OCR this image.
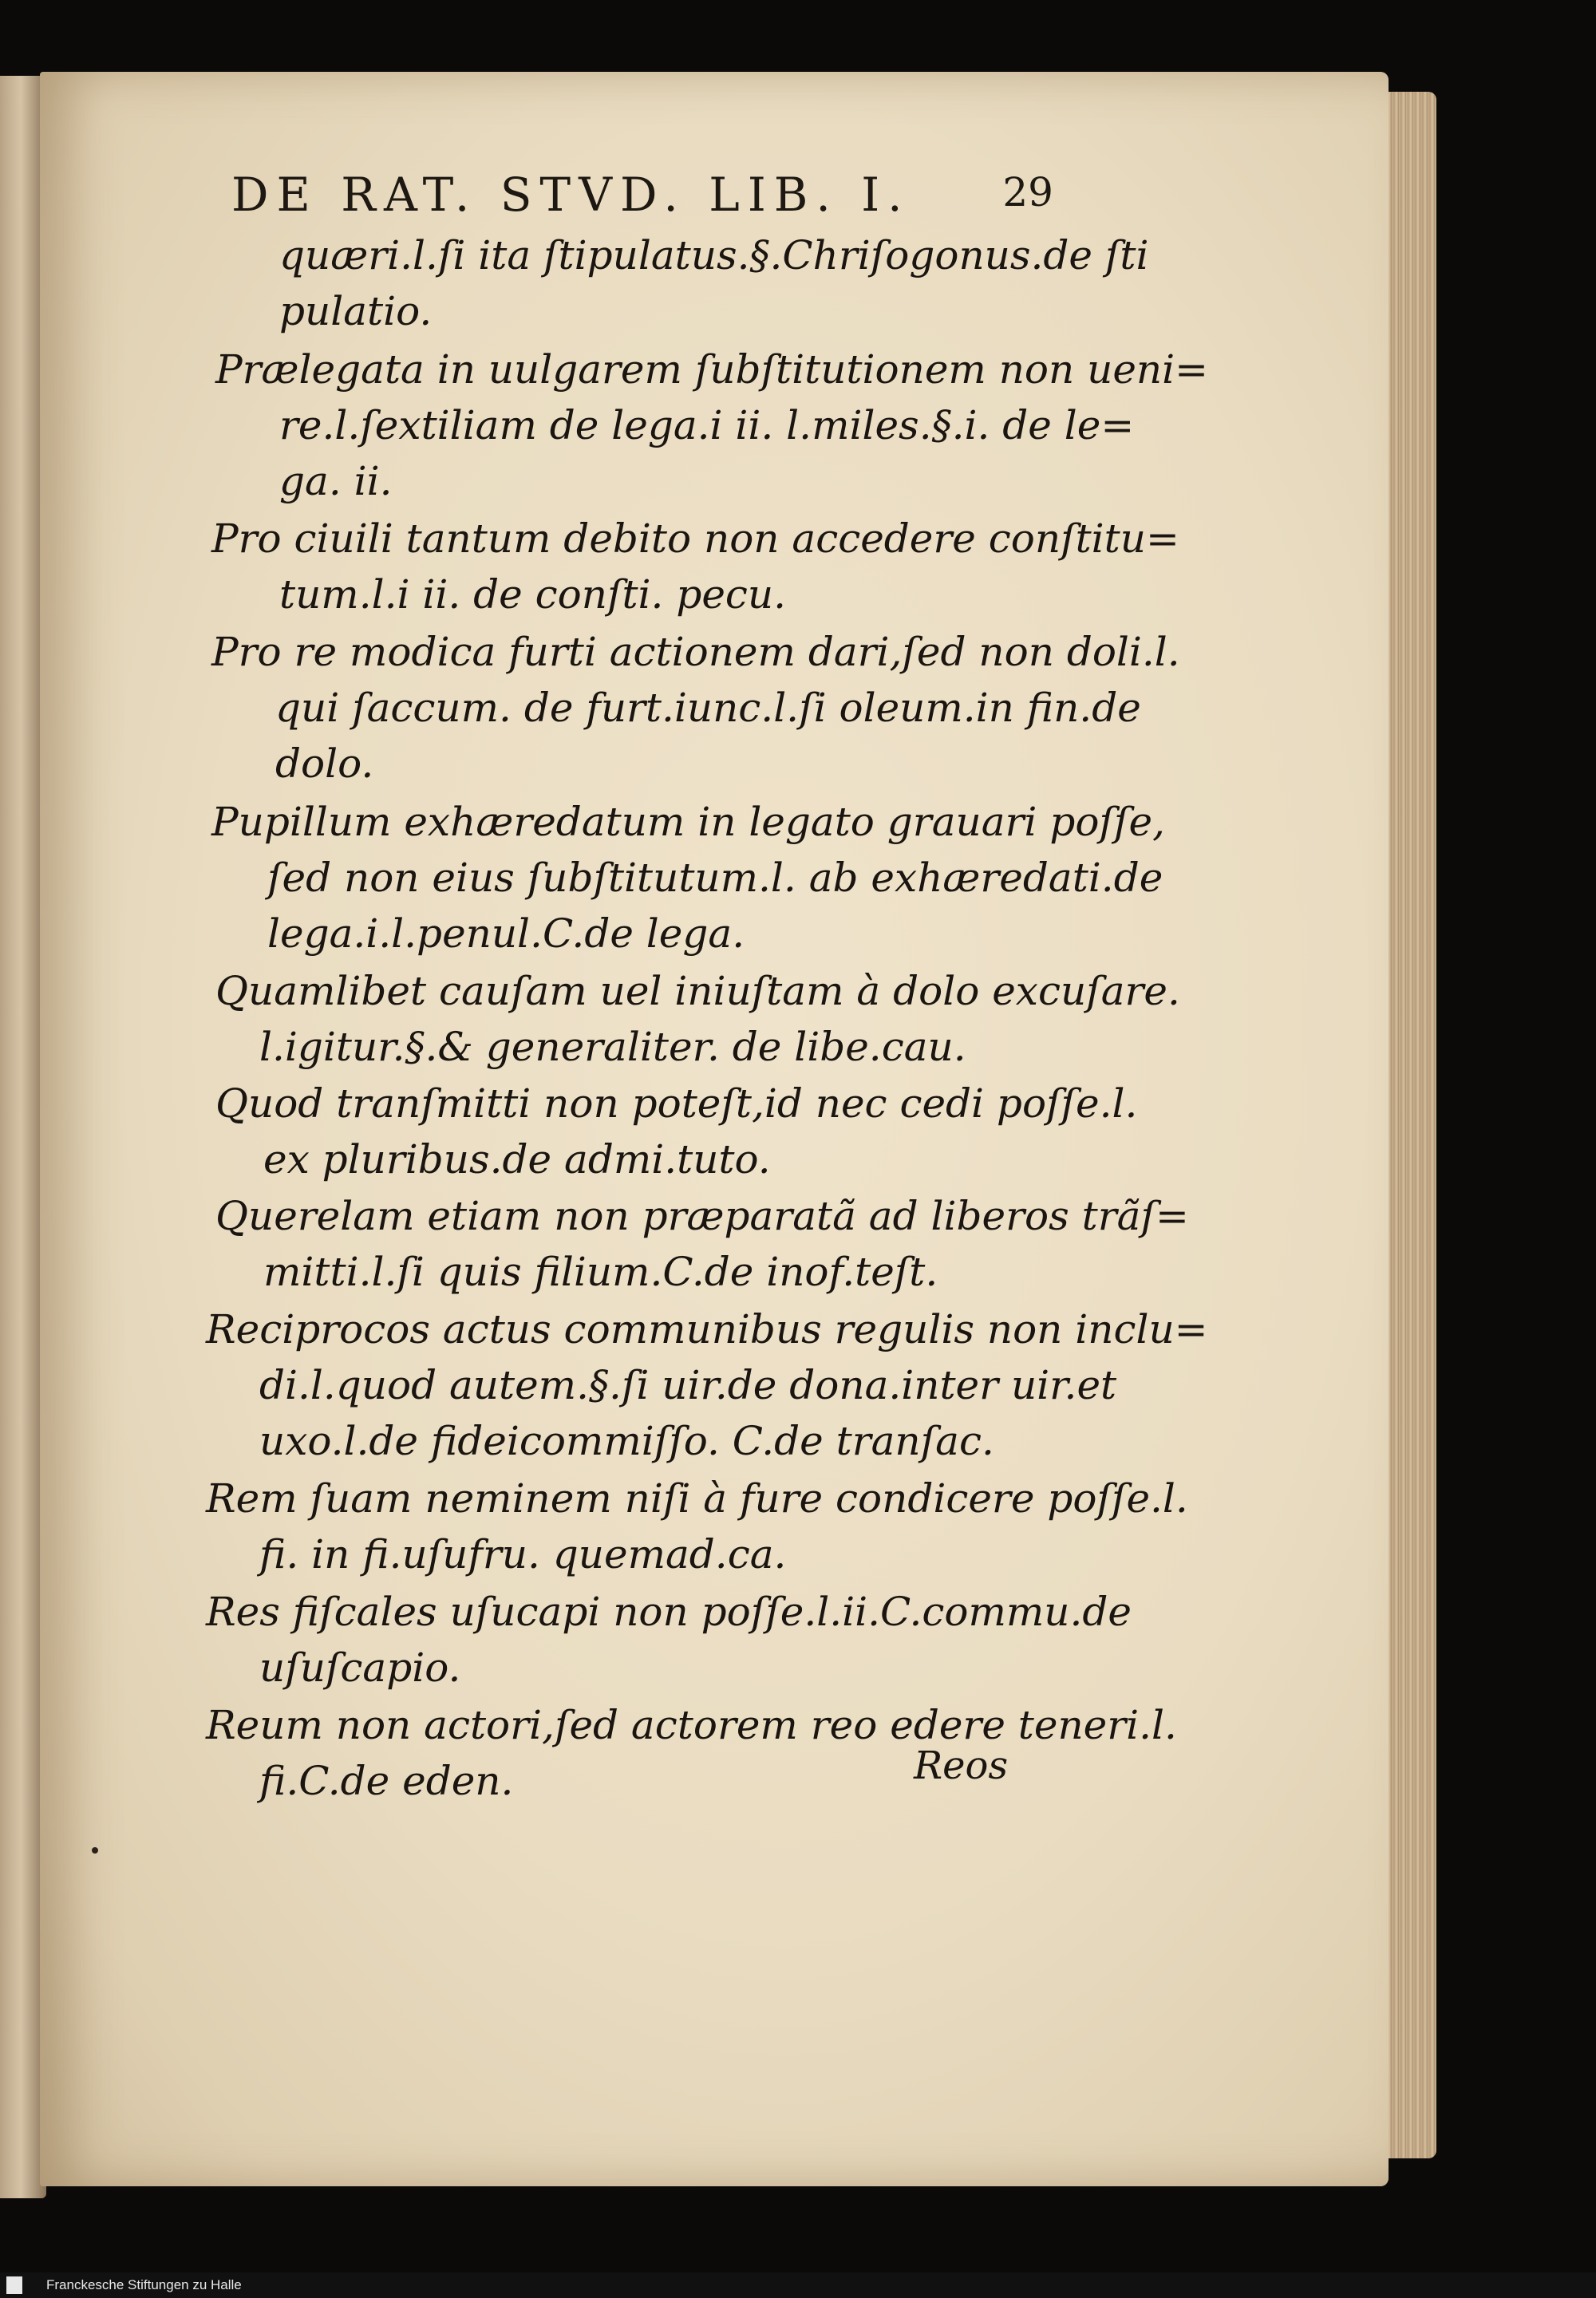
DE RAT. STVD. LIB. I. 29
quæri.l.ſi ita ſtipulatus.§.Chriſogonus.de ſti
pulatio.
Prælegata in uulgarem ſubſtitutionem non ueni=
re.l.ſextiliam de lega.i ii. l.miles.§.i. de le=
ga. ii.
Pro ciuili tantum debito non accedere conſtitu=
tum.l.i ii. de conſti. pecu.
Pro re modica furti actionem dari,ſed non doli.l.
qui ſaccum. de furt.iunc.l.ſi oleum.in fin.de
dolo.
Pupillum exhæredatum in legato grauari poſſe,
ſed non eius ſubſtitutum.l. ab exhæredati.de
lega.i.l.penul.C.de lega.
Quamlibet cauſam uel iniuſtam à dolo excuſare.
l.igitur.§.& generaliter. de libe.cau.
Quod tranſmitti non poteſt,id nec cedi poſſe.l.
ex pluribus.de admi.tuto.
Querelam etiam non præparatã ad liberos trãſ=
mitti.l.ſi quis filium.C.de inof.teſt.
Reciprocos actus communibus regulis non inclu=
di.l.quod autem.§.ſi uir.de dona.inter uir.et
uxo.l.de fideicommiſſo. C.de tranſac.
Rem ſuam neminem niſi à fure condicere poſſe.l.
fi. in fi.uſufru. quemad.ca.
Res fiſcales uſucapi non poſſe.l.ii.C.commu.de
uſuſcapio.
Reum non actori,ſed actorem reo edere teneri.l.
fi.C.de eden.	Reos
Franckesche Stiftungen zu Halle
